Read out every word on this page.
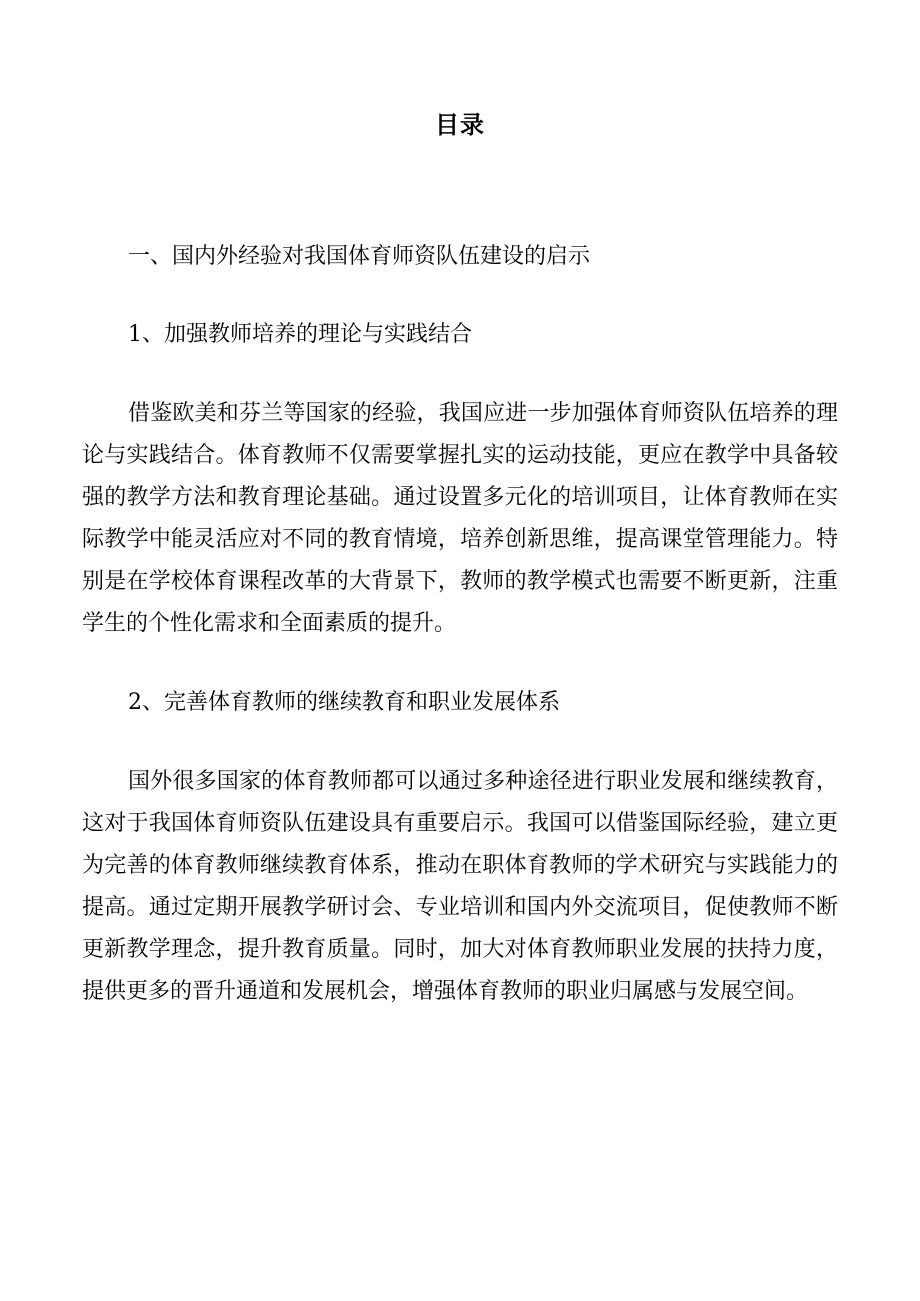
目录

一、国内外经验对我国体育师资队伍建设的启示

1、加强教师培养的理论与实践结合

借鉴欧美和芬兰等国家的经验，我国应进一步加强体育师资队伍培养的理论与实践结合。体育教师不仅需要掌握扎实的运动技能，更应在教学中具备较强的教学方法和教育理论基础。通过设置多元化的培训项目，让体育教师在实际教学中能灵活应对不同的教育情境，培养创新思维，提高课堂管理能力。特别是在学校体育课程改革的大背景下，教师的教学模式也需要不断更新，注重学生的个性化需求和全面素质的提升。

2、完善体育教师的继续教育和职业发展体系

国外很多国家的体育教师都可以通过多种途径进行职业发展和继续教育，这对于我国体育师资队伍建设具有重要启示。我国可以借鉴国际经验，建立更为完善的体育教师继续教育体系，推动在职体育教师的学术研究与实践能力的提高。通过定期开展教学研讨会、专业培训和国内外交流项目，促使教师不断更新教学理念，提升教育质量。同时，加大对体育教师职业发展的扶持力度，提供更多的晋升通道和发展机会，增强体育教师的职业归属感与发展空间。
